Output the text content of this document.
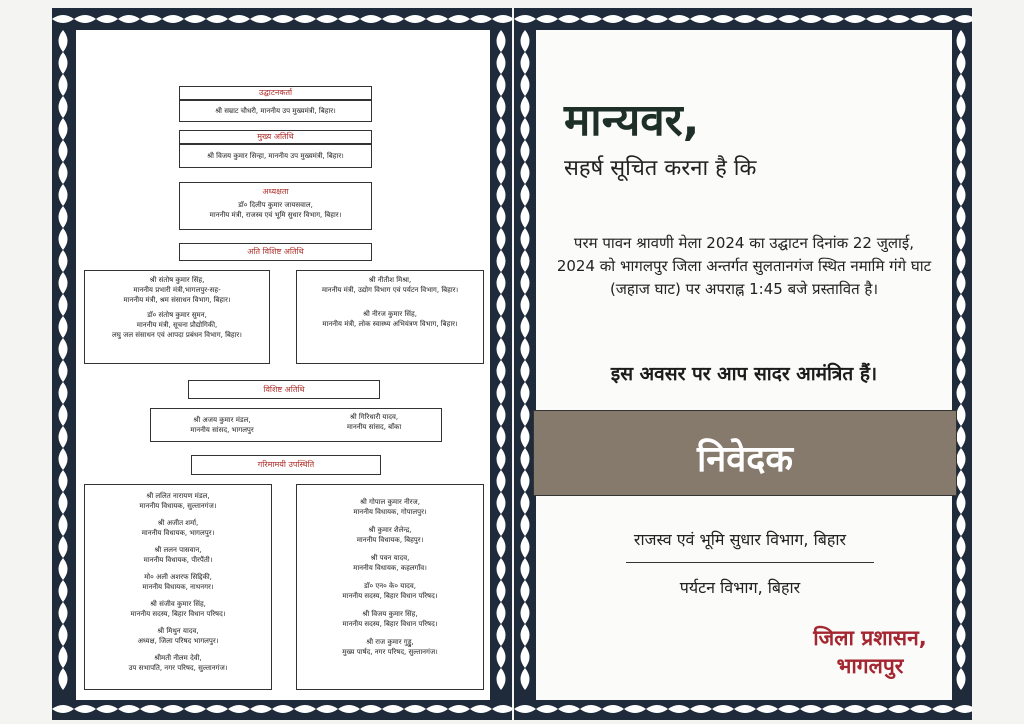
उद्घाटनकर्ता
श्री सम्राट चौधरी, माननीय उप मुख्यमंत्री, बिहार।
मुख्य अतिथि
श्री विजय कुमार सिन्हा, माननीय उप मुख्यमंत्री, बिहार।
अध्यक्षता
डॉ० दिलीप कुमार जायसवाल,
माननीय मंत्री, राजस्व एवं भूमि सुधार विभाग, बिहार।
अति विशिष्ट अतिथि
श्री संतोष कुमार सिंह,
माननीय प्रभारी मंत्री,भागलपुर-सह-
माननीय मंत्री, श्रम संसाधन विभाग, बिहार।
डॉ० संतोष कुमार सुमन,
माननीय मंत्री, सूचना प्रौद्योगिकी,
लघु जल संसाधन एवं आपदा प्रबंधन विभाग, बिहार।
श्री नीतीश मिश्रा,
माननीय मंत्री, उद्योग विभाग एवं पर्यटन विभाग, बिहार।
श्री नीरज कुमार सिंह,
माननीय मंत्री, लोक स्वास्थ्य अभियंत्रण विभाग, बिहार।
विशिष्ट अतिथि
श्री अजय कुमार मंडल,
माननीय सांसद, भागलपुर
श्री गिरिधारी यादव,
माननीय सांसद, बाँका
गरिमामयी उपस्थिति
श्री ललित नारायण मंडल,
माननीय विधायक, सुल्तानगंज।
श्री अजीत शर्मा,
माननीय विधायक, भागलपुर।
श्री ललन पासवान,
माननीय विधायक, पीरपैंती।
मो० अली अशरफ सिद्दिकी,
माननीय विधायक, नाथनगर।
श्री संजीव कुमार सिंह,
माननीय सदस्य, बिहार विधान परिषद।
श्री मिथुन यादव,
अध्यक्ष, जिला परिषद भागलपुर।
श्रीमती नीलम देवी,
उप सभापति, नगर परिषद, सुल्तानगंज।
श्री गोपाल कुमार नीरज,
माननीय विधायक, गोपालपुर।
श्री कुमार शैलेन्द्र,
माननीय विधायक, बिहपुर।
श्री पवन यादव,
माननीय विधायक, कहलगाँव।
डॉ० एन० के० यादव,
माननीय सदस्य, बिहार विधान परिषद।
श्री विजय कुमार सिंह,
माननीय सदस्य, बिहार विधान परिषद।
श्री राज कुमार गुड्डु,
मुख्य पार्षद, नगर परिषद, सुल्तानगंज।
मान्यवर,
सहर्ष सूचित करना है कि
परम पावन श्रावणी मेला 2024 का उद्घाटन दिनांक 22 जुलाई, 2024 को भागलपुर जिला अन्तर्गत सुलतानगंज स्थित नमामि गंगे घाट (जहाज घाट) पर अपराह्न 1:45 बजे प्रस्तावित है।
इस अवसर पर आप सादर आमंत्रित हैं।
निवेदक
राजस्व एवं भूमि सुधार विभाग, बिहार
पर्यटन विभाग, बिहार
जिला प्रशासन,
भागलपुर
